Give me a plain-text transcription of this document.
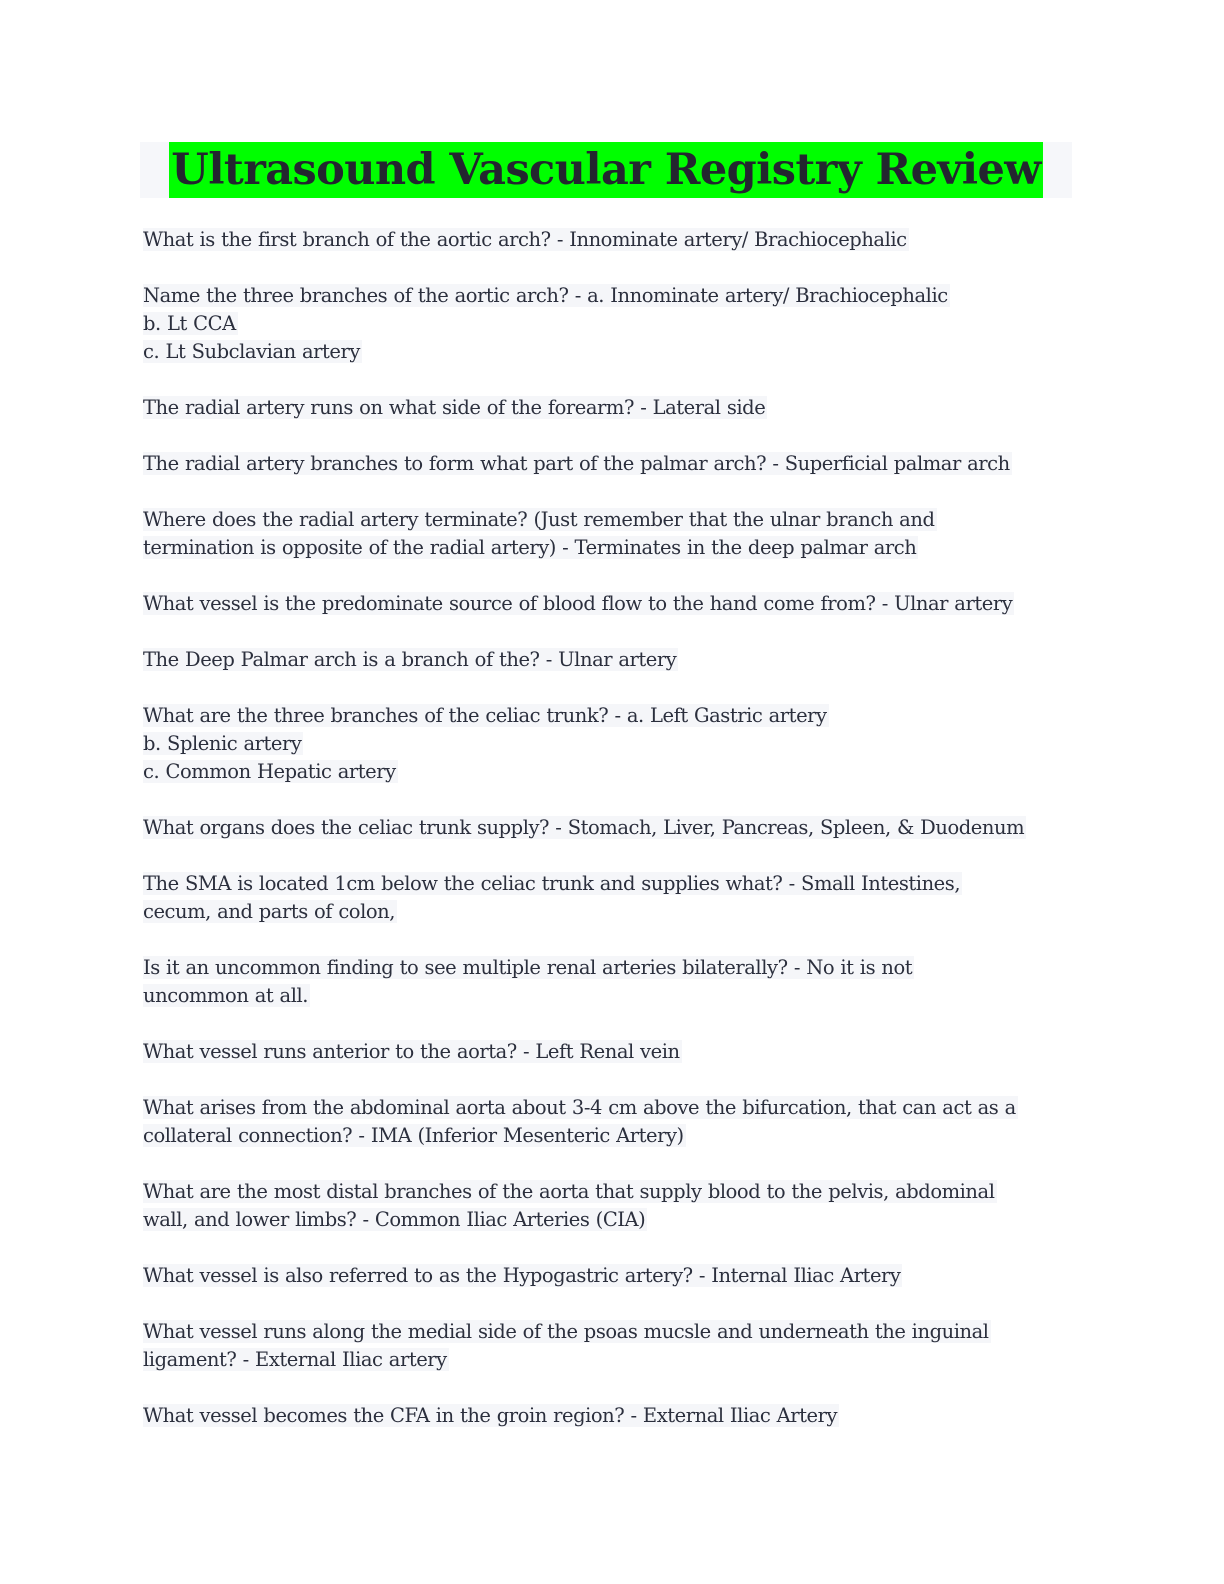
Ultrasound Vascular Registry Review
What is the first branch of the aortic arch? - Innominate artery/ Brachiocephalic
Name the three branches of the aortic arch? - a. Innominate artery/ Brachiocephalic
b. Lt CCA
c. Lt Subclavian artery
The radial artery runs on what side of the forearm? - Lateral side
The radial artery branches to form what part of the palmar arch? - Superficial palmar arch
Where does the radial artery terminate? (Just remember that the ulnar branch and
termination is opposite of the radial artery) - Terminates in the deep palmar arch
What vessel is the predominate source of blood flow to the hand come from? - Ulnar artery
The Deep Palmar arch is a branch of the? - Ulnar artery
What are the three branches of the celiac trunk? - a. Left Gastric artery
b. Splenic artery
c. Common Hepatic artery
What organs does the celiac trunk supply? - Stomach, Liver, Pancreas, Spleen, & Duodenum
The SMA is located 1cm below the celiac trunk and supplies what? - Small Intestines,
cecum, and parts of colon,
Is it an uncommon finding to see multiple renal arteries bilaterally? - No it is not
uncommon at all.
What vessel runs anterior to the aorta? - Left Renal vein
What arises from the abdominal aorta about 3-4 cm above the bifurcation, that can act as a
collateral connection? - IMA (Inferior Mesenteric Artery)
What are the most distal branches of the aorta that supply blood to the pelvis, abdominal
wall, and lower limbs? - Common Iliac Arteries (CIA)
What vessel is also referred to as the Hypogastric artery? - Internal Iliac Artery
What vessel runs along the medial side of the psoas mucsle and underneath the inguinal
ligament? - External Iliac artery
What vessel becomes the CFA in the groin region? - External Iliac Artery
